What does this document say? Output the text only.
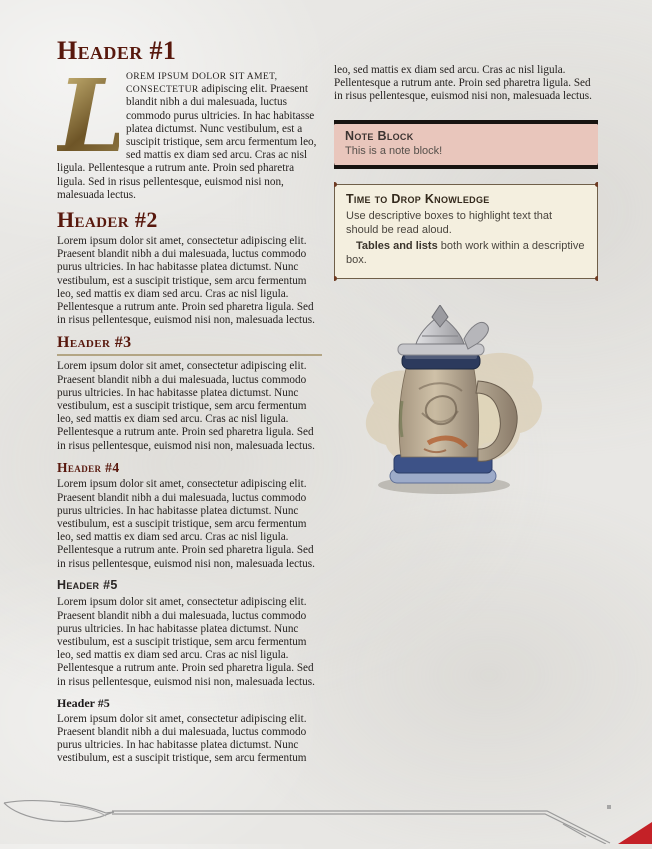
Header #1

L
OREM IPSUM DOLOR SIT AMET, CONSECTETUR adipiscing elit. Praesent blandit nibh a dui malesuada, luctus commodo purus ultricies. In hac habitasse platea dictumst. Nunc vestibulum, est a suscipit tristique, sem arcu fermentum leo, sed mattis ex diam sed arcu. Cras ac nisl ligula. Pellentesque a rutrum ante. Proin sed pharetra ligula. Sed in risus pellentesque, euismod nisi non, malesuada lectus.

Header #2

Lorem ipsum dolor sit amet, consectetur adipiscing elit. Praesent blandit nibh a dui malesuada, luctus commodo purus ultricies. In hac habitasse platea dictumst. Nunc vestibulum, est a suscipit tristique, sem arcu fermentum leo, sed mattis ex diam sed arcu. Cras ac nisl ligula. Pellentesque a rutrum ante. Proin sed pharetra ligula. Sed in risus pellentesque, euismod nisi non, malesuada lectus.

Header #3

Lorem ipsum dolor sit amet, consectetur adipiscing elit. Praesent blandit nibh a dui malesuada, luctus commodo purus ultricies. In hac habitasse platea dictumst. Nunc vestibulum, est a suscipit tristique, sem arcu fermentum leo, sed mattis ex diam sed arcu. Cras ac nisl ligula. Pellentesque a rutrum ante. Proin sed pharetra ligula. Sed in risus pellentesque, euismod nisi non, malesuada lectus.

Header #4

Lorem ipsum dolor sit amet, consectetur adipiscing elit. Praesent blandit nibh a dui malesuada, luctus commodo purus ultricies. In hac habitasse platea dictumst. Nunc vestibulum, est a suscipit tristique, sem arcu fermentum leo, sed mattis ex diam sed arcu. Cras ac nisl ligula. Pellentesque a rutrum ante. Proin sed pharetra ligula. Sed in risus pellentesque, euismod nisi non, malesuada lectus.

Header #5

Lorem ipsum dolor sit amet, consectetur adipiscing elit. Praesent blandit nibh a dui malesuada, luctus commodo purus ultricies. In hac habitasse platea dictumst. Nunc vestibulum, est a suscipit tristique, sem arcu fermentum leo, sed mattis ex diam sed arcu. Cras ac nisl ligula. Pellentesque a rutrum ante. Proin sed pharetra ligula. Sed in risus pellentesque, euismod nisi non, malesuada lectus.

Header #5

Lorem ipsum dolor sit amet, consectetur adipiscing elit. Praesent blandit nibh a dui malesuada, luctus commodo purus ultricies. In hac habitasse platea dictumst. Nunc vestibulum, est a suscipit tristique, sem arcu fermentum

leo, sed mattis ex diam sed arcu. Cras ac nisl ligula. Pellentesque a rutrum ante. Proin sed pharetra ligula. Sed in risus pellentesque, euismod nisi non, malesuada lectus.

Note Block

This is a note block!

Time to Drop Knowledge

Use descriptive boxes to highlight text that should be read aloud.

Tables and lists both work within a descriptive box.
